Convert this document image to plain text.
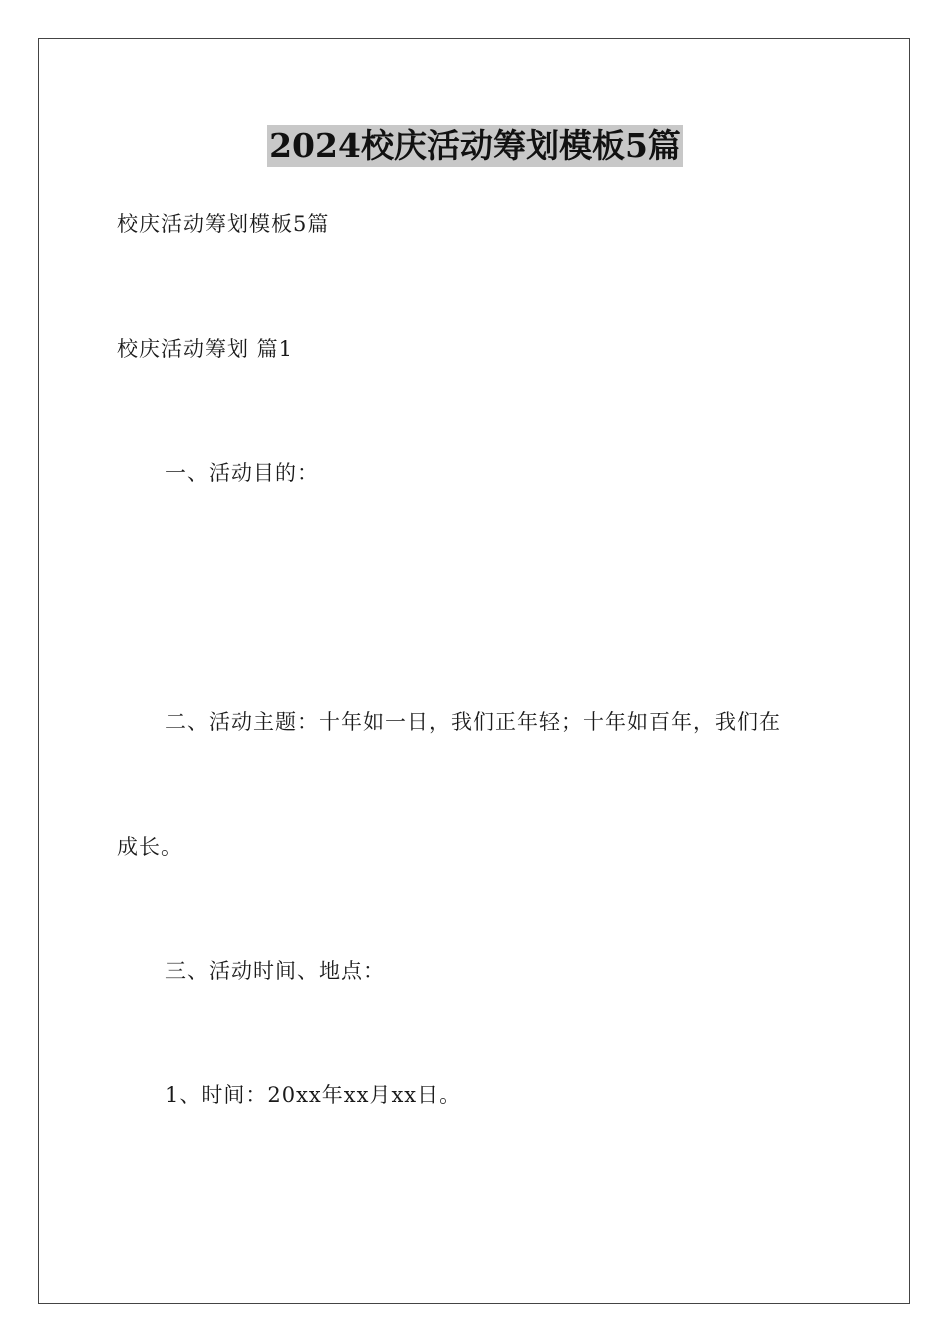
2024校庆活动筹划模板5篇
校庆活动筹划模板5篇
校庆活动筹划 篇1
一、活动目的：
二、活动主题：十年如一日，我们正年轻；十年如百年，我们在
成长。
三、活动时间、地点：
1、时间：20xx年xx月xx日。
